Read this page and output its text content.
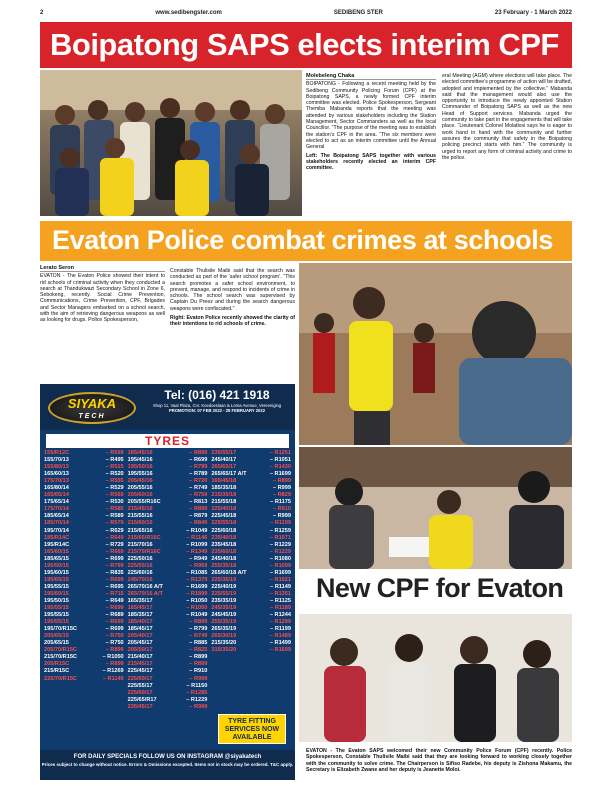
2	www.sedibengster.com	SEDIBENG STER	23 February - 1 March 2022
Boipatong SAPS elects interim CPF
Molebeleng Chaka
BOIPATONG - Following a recent meeting held by the Sedibeng Community Policing Forum (CPF) at the Boipatong SAPS, a newly formed CPF interim committee was elected. Police Spokesperson, Sergeant Themba Mabanda reports that the meeting was attended by various stakeholders including the Station Management, Sector Commanders as well as the local Councillor. “The purpose of the meeting was to establish the station’s CPF in the area. “The six members were elected to act as an interim committee until the Annual General
Left: The Boipatong SAPS together with various stakeholders recently elected an interim CPF committee.
eral Meeting (AGM) where elections will take place. The elected committee’s programme of action will be drafted, adopted and implemented by the collective.” Mabanda said that the management would also use the opportunity to introduce the newly appointed Station Commander of Boipatong SAPS as well as the new Head of Support services. Mabanda urged the community to take part in the engagements that will take place. “Lieutenant Colonel Molatlosi says he is eager to work hand in hand with the community and further assures the community that safety in the Boipatong policing precinct starts with him.” The community is urged to report any form of criminal activity and crime to the police.
Evaton Police combat crimes at schools
Lerato Seron
EVATON - The Evaton Police showed their intent to rid schools of criminal activity when they conducted a search at Thandukwazi Secondary School in Zone 6, Sebokeng, recently. Social Crime Prevention, Communications, Crime Prevention, CPF, Brigades and Sector Managers embarked on a school search, with the aim of retrieving dangerous weapons as well as looking for drugs. Police Spokesperson,
Constable Thulisile Maibi said that the search was conducted as part of the ‘safer school program’. “This search promotes a safer school environment, to prevent, manage, and respond to incidents of crime in schools. The school search was supervised by Captain Du Preez and during the search dangerous weapons were confiscated.”
Right: Evaton Police recently showed the clarity of their intentions to rid schools of crime.
New CPF for Evaton
EVATON - The Evaton SAPS welcomed their new Community Police Forum (CPF) recently. Police Spokesperson, Constable Thulisile Maibi said that they are looking forward to working closely together with the community to solve crime. The Chairperson is Sifiso Radebe, his deputy is Zishona Makamu, the Secretary is Elizabeth Zwane and her deputy is Jeanette Moloi.
SIYAKA
TECH
Tel: (016) 421 1918
Shop 11, Vaal Plaza, Cnr. Koedoeslaan & Lorna Avenue, Vereeniging
PROMOTION: 07 FEB 2022 - 28 FEBRUARY 2022
TYRES
155/R12C	– R599
155/70/13	– R495
155/80/13	– R515
165/60/13	– R520
175/70/13	– R555
165/80/14	– R529
165/65/14	– R569
175/65/14	– R530
175/70/14	– R585
185/65/14	– R589
185/70/14	– R579
195/70/14	– R629
185/R14C	– R649
195/R14C	– R729
165/60/15	– R669
185/65/15	– R699
195/50/15	– R799
195/60/15	– R835
195/65/15	– R699
195/55/15	– R695
195/60/15	– R715
195/50/15	– R649
195/55/15	– R699
195/55/15	– R689
195/55/15	– R699
195/70/R15C	– R699
205/65/15	– R750
205/65/15	– R750
205/70/R15C	– R899
215/70/R15C	– R1050
205/R15C	– R899
215/R15C	– R1269
225/70/R15C	– R1149
185/45/16	– R899
195/45/16	– R699
195/50/16	– R799
195/55/16	– R789
205/45/16	– R720
205/55/16	– R749
205/60/16	– R759
205/55/R16C	– R813
215/45/16	– R899
215/55/16	– R879
215/60/16	– R849
215/65/16	– R1049
215/65/R16C	– R1146
215/70/16	– R1099
215/70/R16C	– R1349
225/50/16	– R949
225/55/16	– R959
225/60/16	– R1085
245/70/16	– R1379
265/70/16 A/T	– R1699
265/70/16 A/T	– R1899
165/35/17	– R1050
165/45/17	– R1050
185/35/17	– R1049
185/40/17	– R899
185/45/17	– R799
205/40/17	– R749
205/45/17	– R885
205/50/17	– R825
215/40/17	– R899
215/45/17	– R899
225/45/17	– R910
225/50/17	– R999
225/55/17	– R1150
225/60/17	– R1285
225/65/R17	– R1229
235/45/17	– R999
235/55/17	– R1251
245/40/17	– R1051
265/65/17	– R1430
265/65/17 A/T	– R1699
165/45/18	– R899
185/35/18	– R999
215/35/18	– R829
215/55/18	– R1175
225/40/18	– R910
225/45/18	– R999
225/55/18	– R1199
225/60/18	– R1259
235/40/18	– R1071
235/45/18	– R1229
235/60/18	– R1229
245/40/18	– R1080
255/35/18	– R1099
265/60/18 A/T	– R1699
225/35/19	– R1021
225/40/19	– R1149
225/55/19	– R1351
235/35/19	– R1125
245/35/19	– R1189
245/45/19	– R1244
255/35/19	– R1299
265/35/19	– R1199
265/30/19	– R1489
215/35/20	– R1499
315/35/20	– R1699
TYRE FITTING SERVICES NOW AVAILABLE
FOR DAILY SPECIALS FOLLOW US ON INSTAGRAM @siyakatech
Prices subject to change without notice. Errors & Omissions excepted. Items not in stock may be ordered. T&C apply.
